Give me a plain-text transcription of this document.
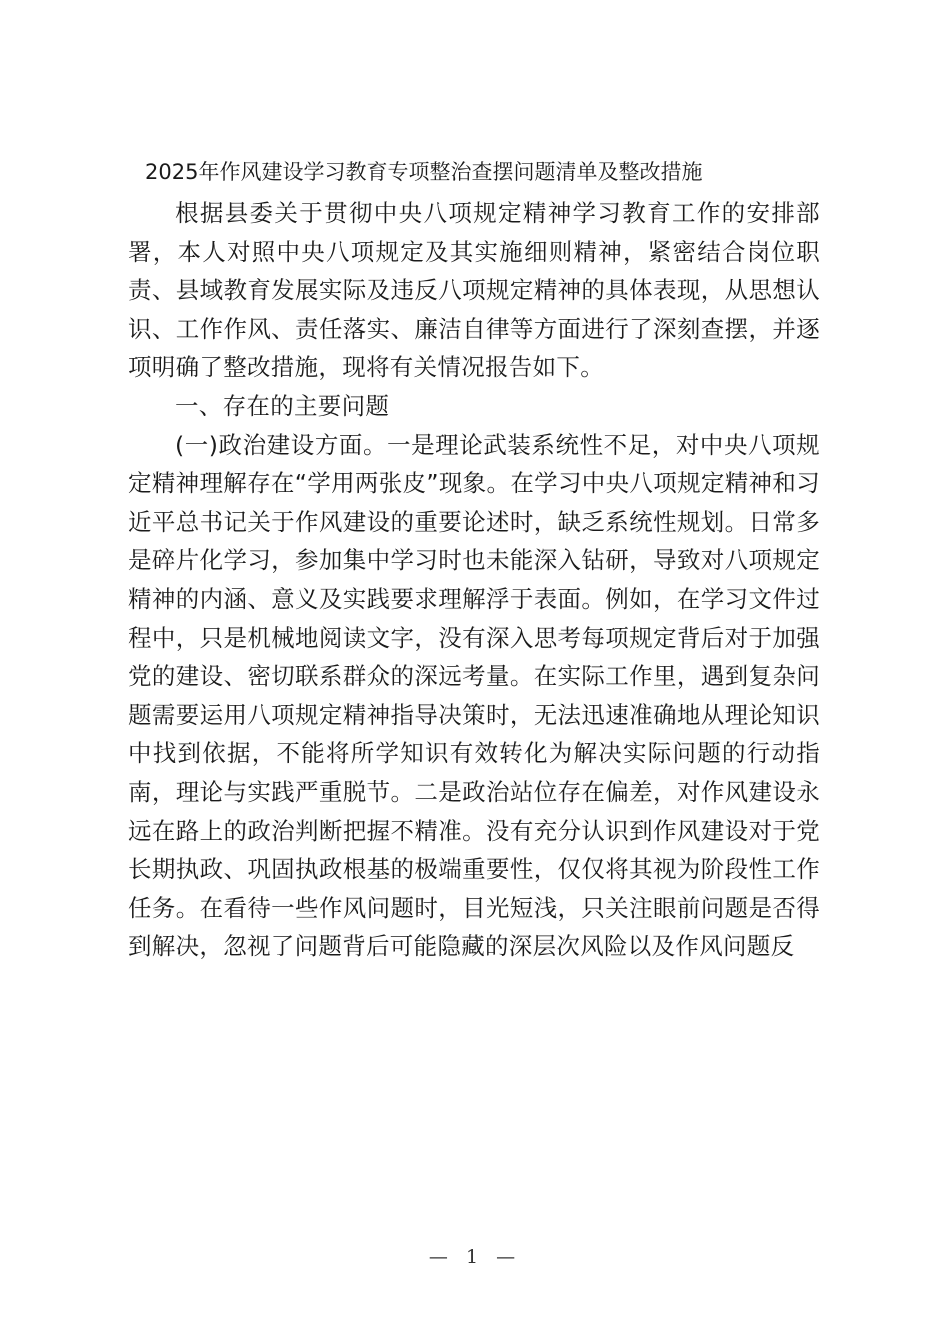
2025年作风建设学习教育专项整治查摆问题清单及整改措施

根据县委关于贯彻中央八项规定精神学习教育工作的安排部署，本人对照中央八项规定及其实施细则精神，紧密结合岗位职责、县域教育发展实际及违反八项规定精神的具体表现，从思想认识、工作作风、责任落实、廉洁自律等方面进行了深刻查摆，并逐项明确了整改措施，现将有关情况报告如下。

一、存在的主要问题

(一)政治建设方面。一是理论武装系统性不足，对中央八项规定精神理解存在“学用两张皮”现象。在学习中央八项规定精神和习近平总书记关于作风建设的重要论述时，缺乏系统性规划。日常多是碎片化学习，参加集中学习时也未能深入钻研，导致对八项规定精神的内涵、意义及实践要求理解浮于表面。例如，在学习文件过程中，只是机械地阅读文字，没有深入思考每项规定背后对于加强党的建设、密切联系群众的深远考量。在实际工作里，遇到复杂问题需要运用八项规定精神指导决策时，无法迅速准确地从理论知识中找到依据，不能将所学知识有效转化为解决实际问题的行动指南，理论与实践严重脱节。二是政治站位存在偏差，对作风建设永远在路上的政治判断把握不精准。没有充分认识到作风建设对于党长期执政、巩固执政根基的极端重要性，仅仅将其视为阶段性工作任务。在看待一些作风问题时，目光短浅，只关注眼前问题是否得到解决，忽视了问题背后可能隐藏的深层次风险以及作风问题反

— 1 —
